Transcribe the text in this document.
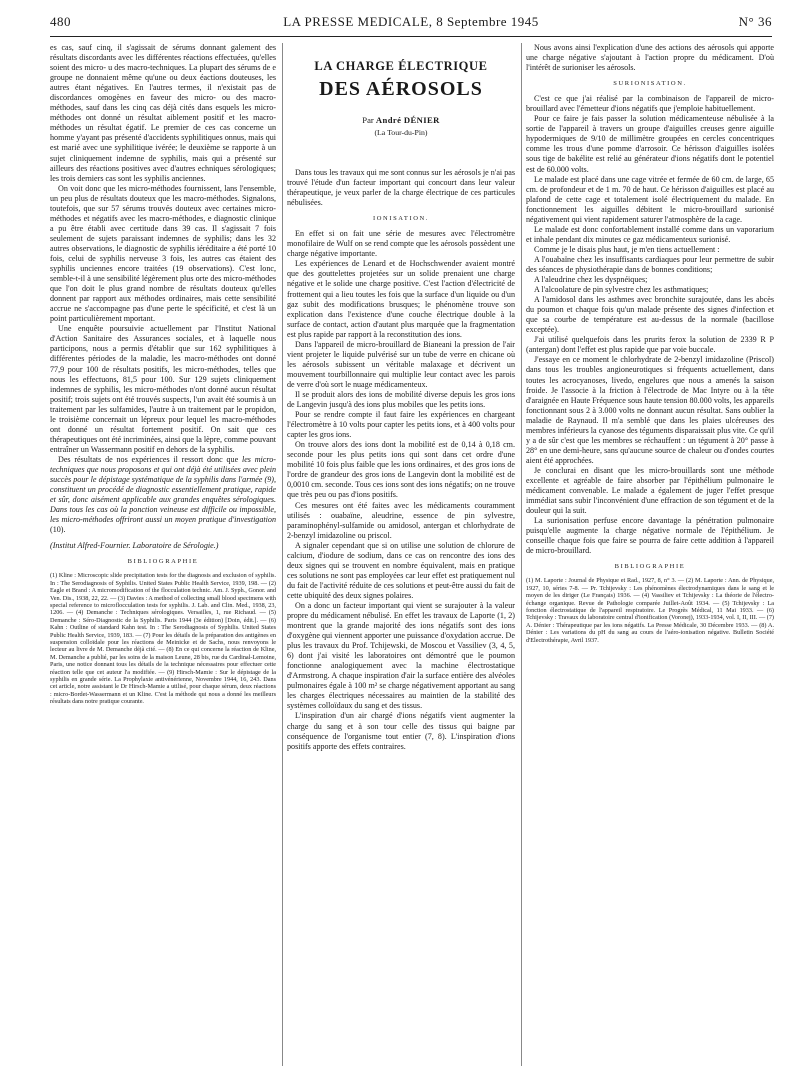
480	LA PRESSE MEDICALE, 8 Septembre 1945	N° 36

es cas, sauf cinq, il s'agissait de sérums donnant galement des résultats discordants avec les différentes réactions effectuées, qu'elles soient des micro- u des macro-techniques. La plupart des sérums de e groupe ne donnaient même qu'une ou deux éactions douteuses, les autres étant négatives. En l'autres termes, il n'existait pas de discordances omogènes en faveur des micro- ou des macro-méthodes, sauf dans les cinq cas déjà cités dans esquels les micro-méthodes ont donné un résultat aiblement positif et les macro-méthodes un résultat égatif. Le premier de ces cas concerne un homme y'ayant pas présenté d'accidents syphilitiques onnus, mais qui est marié avec une syphilitique ivérée; le deuxième se rapporte à un sujet cliniquement indemne de syphilis, mais qui a présenté sur ailleurs des réactions positives avec d'autres echniques sérologiques; les trois derniers cas sont les syphilis anciennes.

On voit donc que les micro-méthodes fournissent, lans l'ensemble, un peu plus de résultats douteux que les macro-méthodes. Signalons, toutefois, que sur 57 sérums trouvés douteux avec certaines micro-méthodes et négatifs avec les macro-méthodes, e diagnostic clinique a pu être établi avec certitude dans 39 cas. Il s'agissait 7 fois seulement de sujets paraissant indemnes de syphilis; dans les 32 autres observations, le diagnostic de syphilis iéréditaire a été porté 10 fois, celui de syphilis nerveuse 3 fois, les autres cas étaient des syphilis unciennes encore traitées (19 observations). C'est lonc, semble-t-il à une sensibilité légèrement plus orte des micro-méthodes que l'on doit le plus grand nombre de résultats douteux qu'elles donnent par rapport aux méthodes ordinaires, mais cette sensibilité accrue ne s'accompagne pas d'une perte le spécificité, et c'est là un point particulièrement mportant.

Une enquête poursuivie actuellement par l'Institut National d'Action Sanitaire des Assurances sociales, et à laquelle nous participons, nous a permis d'établir que sur 162 syphilitiques à différentes périodes de la maladie, les macro-méthodes ont donné 77,9 pour 100 de résultats positifs, les micro-méthodes, telles que nous les effectuons, 81,5 pour 100. Sur 129 sujets cliniquement indemnes de syphilis, les micro-méthodes n'ont donné aucun résultat positif; trois sujets ont été trouvés suspects, l'un avait été soumis à un traitement par les sulfamides, l'autre à un traitement par le propidon, le troisième concernait un lépreux pour lequel les macro-méthodes ont donné un résultat fortement positif. On sait que ces thérapeutiques ont été incriminées, ainsi que la lèpre, comme pouvant entraîner un Wassermann positif en dehors de la syphilis.

Des résultats de nos expériences il ressort donc que les micro-techniques que nous proposons et qui ont déjà été utilisées avec plein succès pour le dépistage systématique de la syphilis dans l'armée (9), constituent un procédé de diagnostic essentiellement pratique, rapide et sûr, donc aisément applicable aux grandes enquêtes sérologiques. Dans tous les cas où la ponction veineuse est difficile ou impossible, les micro-méthodes offriront aussi un moyen pratique d'investigation (10).

(Institut Alfred-Fournier. Laboratoire de Sérologie.)

BIBLIOGRAPHIE

(1) Kline : Microscopic slide precipitation tests for the diagnosis and exclusion of syphilis. In : The Serodiagnosis of Syphilis. United States Public Health Service, 1939, 198. — (2) Eagle et Brand : A micromodification of the flocculation technic. Am. J. Syph., Gonor. and Ven. Dis., 1938, 22, 22. — (3) Davies : A method of collecting small blood specimens with special reference to microflocculation tests for syphilis. J. Lab. and Clin. Med., 1938, 23, 1206. — (4) Demanche : Techniques sérologiques. Versailles, 1, rue Richaud. — (5) Demanche : Séro-Diagnostic de la Syphilis. Paris 1944 (3e édition) [Doin, édit.]. — (6) Kahn : Outline of standard Kahn test. In : The Serodiagnosis of Syphilis. United States Public Health Service, 1939, 183. — (7) Pour les détails de la préparation des antigènes en suspension colloïdale pour les réactions de Meinicke et de Sachs, nous renvoyons le lecteur au livre de M. Demanche déjà cité. — (8) En ce qui concerne la réaction de Kline, M. Demanche a publié, par les soins de la maison Leune, 28 bis, rue du Cardinal-Lemoine, Paris, une notice donnant tous les détails de la technique nécessaires pour effectuer cette réaction telle que cet auteur l'a modifiée. — (9) Hirsch-Mamie : Sur le dépistage de la syphilis en grande série. La Prophylaxie antivénérienne, Novembre 1944, 16, 243. Dans cet article, notre assistant le Dr Hirsch-Mamie a utilisé, pour chaque sérum, deux réactions : micro-Bordet-Wassermann et un Kline. C'est la méthode qui nous a donné les meilleurs résultats dans notre pratique courante.

LA CHARGE ÉLECTRIQUE
DES AÉROSOLS
Par André DÉNIER
(La Tour-du-Pin)

Dans tous les travaux qui me sont connus sur les aérosols je n'ai pas trouvé l'étude d'un facteur important qui concourt dans leur valeur thérapeutique, je veux parler de la charge électrique de ces particules nébulisées.

IONISATION.

En effet si on fait une série de mesures avec l'électromètre monofilaire de Wulf on se rend compte que les aérosols possèdent une charge négative importante.

Les expériences de Lenard et de Hochschwender avaient montré que des gouttelettes projetées sur un solide prenaient une charge négative et le solide une charge positive. C'est l'action d'électricité de frottement qui a lieu toutes les fois que la surface d'un liquide ou d'un gaz subit des modifications brusques; le phénomène trouve son explication dans l'existence d'une couche électrique double à la surface de contact, action d'autant plus marquée que la fragmentation est plus rapide par rapport à la reconstitution des ions.

Dans l'appareil de micro-brouillard de Bianeani la pression de l'air vient projeter le liquide pulvérisé sur un tube de verre en chicane où les aérosols subissent un véritable malaxage et décrivent un mouvement tourbillonnaire qui multiplie leur contact avec les parois de verre d'où sort le nuage médicamenteux.

Il se produit alors des ions de mobilité diverse depuis les gros ions de Langevin jusqu'à des ions plus mobiles que les petits ions.

Pour se rendre compte il faut faire les expériences en chargeant l'électromètre à 10 volts pour capter les petits ions, et à 400 volts pour capter les gros ions.

On trouve alors des ions dont la mobilité est de 0,14 à 0,18 cm. seconde pour les plus petits ions qui sont dans cet ordre d'une mobilité 10 fois plus faible que les ions ordinaires, et des gros ions de l'ordre de grandeur des gros ions de Langevin dont la mobilité est de 0,0010 cm. seconde. Tous ces ions sont des ions négatifs; on ne trouve que très peu ou pas d'ions positifs.

Ces mesures ont été faites avec les médicaments couramment utilisés : ouabaïne, aleudrine, essence de pin sylvestre, paraminophényl-sulfamide ou amidosol, antergan et chlorhydrate de 2-benzyl imidazoline ou priscol.

A signaler cependant que si on utilise une solution de chlorure de calcium, d'iodure de sodium, dans ce cas on rencontre des ions des deux signes qui se trouvent en nombre équivalent, mais en pratique ces solutions ne sont pas employées car leur effet est pratiquement nul du fait de l'activité réduite de ces solutions et peut-être aussi du fait de cette ubiquité des deux signes polaires.

On a donc un facteur important qui vient se surajouter à la valeur propre du médicament nébulisé. En effet les travaux de Laporte (1, 2) montrent que la grande majorité des ions négatifs sont des ions d'oxygène qui viennent apporter une puissance d'oxydation accrue. De plus les travaux du Prof. Tchijewski, de Moscou et Vassiliev (3, 4, 5, 6) dont j'ai visité les laboratoires ont démontré que le poumon fonctionne analogiquement avec la machine électrostatique d'Armstrong. A chaque inspiration d'air la surface entière des alvéoles pulmonaires égale à 100 m² se charge négativement apportant au sang les charges électriques nécessaires au maintien de la stabilité des systèmes colloïdaux du sang et des tissus.

L'inspiration d'un air chargé d'ions négatifs vient augmenter la charge du sang et à son tour celle des tissus qui baigne par conséquence de l'organisme tout entier (7, 8). L'inspiration d'ions positifs apporte des effets contraires.

Nous avons ainsi l'explication d'une des actions des aérosols qui apporte une charge négative s'ajoutant à l'action propre du médicament. D'où l'intérêt de surioniser les aérosols.

SURIONISATION.

C'est ce que j'ai réalisé par la combinaison de l'appareil de micro-brouillard avec l'émetteur d'ions négatifs que j'emploie habituellement.

Pour ce faire je fais passer la solution médicamenteuse nébulisée à la sortie de l'appareil à travers un groupe d'aiguilles creuses genre aiguille hypodermiques de 9/10 de millimètre groupées en cercles concentriques comme les trous d'une pomme d'arrosoir. Ce hérisson d'aiguilles isolées sous tige de bakélite est relié au générateur d'ions négatifs dont le potentiel est de 60.000 volts.

Le malade est placé dans une cage vitrée et fermée de 60 cm. de large, 65 cm. de profondeur et de 1 m. 70 de haut. Ce hérisson d'aiguilles est placé au plafond de cette cage et totalement isolé électriquement du malade. En fonctionnement les aiguilles débitent le micro-brouillard surionisé négativement qui vient rapidement saturer l'atmosphère de la cage.

Le malade est donc confortablement installé comme dans un vaporarium et inhale pendant dix minutes ce gaz médicamenteux surionisé.

Comme je le disais plus haut, je m'en tiens actuellement :

A l'ouabaïne chez les insuffisants cardiaques pour leur permettre de subir des séances de physiothérapie dans de bonnes conditions;

A l'aleudrine chez les dyspnéiques;

A l'alcoolature de pin sylvestre chez les asthmatiques;

A l'amidosol dans les asthmes avec bronchite surajoutée, dans les abcès du poumon et chaque fois qu'un malade présente des signes d'infection et que sa courbe de température est au-dessus de la normale (bacillose exceptée).

J'ai utilisé quelquefois dans les prurits ferox la solution de 2339 R P (antergan) dont l'effet est plus rapide que par voie buccale.

J'essaye en ce moment le chlorhydrate de 2-benzyl imidazoline (Priscol) dans tous les troubles angioneurotiques si fréquents actuellement, dans toutes les acrocyanoses, livedo, engelures que nous a amenés la saison froide. Je l'associe à la friction à l'électrode de Mac Intyre ou à la tête d'araignée en Haute Fréquence sous haute tension 80.000 volts, les appareils fonctionnant sous 2 à 3.000 volts ne donnant aucun résultat. Sans oublier la maladie de Raynaud. Il m'a semblé que dans les plaies ulcéreuses des membres inférieurs la cyanose des téguments disparaissait plus vite. Ce qu'il y a de sûr c'est que les membres se réchauffent : un tégument à 20° passe à 28° en une demi-heure, sans qu'aucune source de chaleur ou d'ondes courtes aient été approchées.

Je conclurai en disant que les micro-brouillards sont une méthode excellente et agréable de faire absorber par l'épithélium pulmonaire le médicament convenable. Le malade a également de juger l'effet presque immédiat sans subir l'inconvénient d'une effraction de son tégument et de la douleur qui la suit.

La surionisation perfuse encore davantage la pénétration pulmonaire puisqu'elle augmente la charge négative normale de l'épithélium. Je conseille chaque fois que faire se pourra de faire cette addition à l'appareil de micro-brouillard.

BIBLIOGRAPHIE

(1) M. Laporte : Journal de Physique et Rad., 1927, 8, n° 3. — (2) M. Laporte : Ann. de Physique, 1927, 10, séries 7-8. — Pr. Tchijevsky : Les phénomènes électrodynamiques dans le sang et le moyen de les diriger (Le Français) 1936. — (4) Vassiliev et Tchijevsky : La théorie de l'électro-échange organique. Revue de Pathologie comparée Juillet-Août 1934. — (5) Tchijevsky : La fonction électrostatique de l'appareil respiratoire. Le Progrès Médical, 11 Mai 1933. — (6) Tchijevsky : Travaux du laboratoire central d'ionification (Voronej), 1933-1934, vol. I, II, III. — (7) A. Dénier : Thérapeutique par les ions négatifs. La Presse Médicale, 30 Décembre 1933. — (8) A. Dénier : Les variations du pH du sang au cours de l'aéro-ionisation négative. Bulletin Société d'Electrothérapie, Avril 1937.
